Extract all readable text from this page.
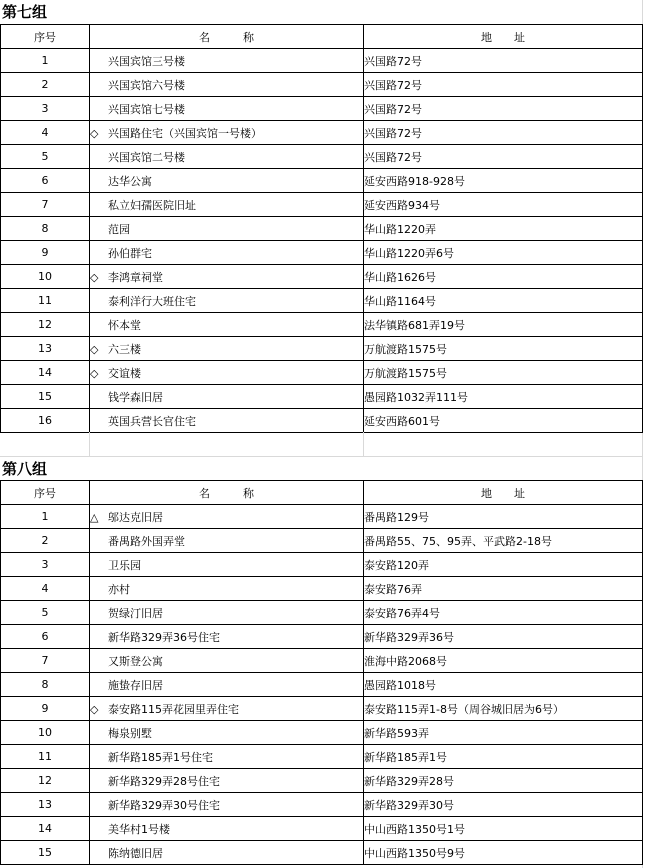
第七组
序号	名　　　称	地　　址
1	兴国宾馆三号楼	兴国路72号
2	兴国宾馆六号楼	兴国路72号
3	兴国宾馆七号楼	兴国路72号
4	◇ 兴国路住宅（兴国宾馆一号楼）	兴国路72号
5	兴国宾馆二号楼	兴国路72号
6	达华公寓	延安西路918-928号
7	私立妇孺医院旧址	延安西路934号
8	范园	华山路1220弄
9	孙伯群宅	华山路1220弄6号
10	◇ 李鸿章祠堂	华山路1626号
11	泰利洋行大班住宅	华山路1164号
12	怀本堂	法华镇路681弄19号
13	◇ 六三楼	万航渡路1575号
14	◇ 交谊楼	万航渡路1575号
15	钱学森旧居	愚园路1032弄111号
16	英国兵营长官住宅	延安西路601号
第八组
序号	名　　　称	地　　址
1	△ 邬达克旧居	番禺路129号
2	番禺路外国弄堂	番禺路55、75、95弄、平武路2-18号
3	卫乐园	泰安路120弄
4	亦村	泰安路76弄
5	贺绿汀旧居	泰安路76弄4号
6	新华路329弄36号住宅	新华路329弄36号
7	又斯登公寓	淮海中路2068号
8	施蛰存旧居	愚园路1018号
9	◇ 泰安路115弄花园里弄住宅	泰安路115弄1-8号（周谷城旧居为6号）
10	梅泉别墅	新华路593弄
11	新华路185弄1号住宅	新华路185弄1号
12	新华路329弄28号住宅	新华路329弄28号
13	新华路329弄30号住宅	新华路329弄30号
14	美华村1号楼	中山西路1350号1号
15	陈纳德旧居	中山西路1350号9号
